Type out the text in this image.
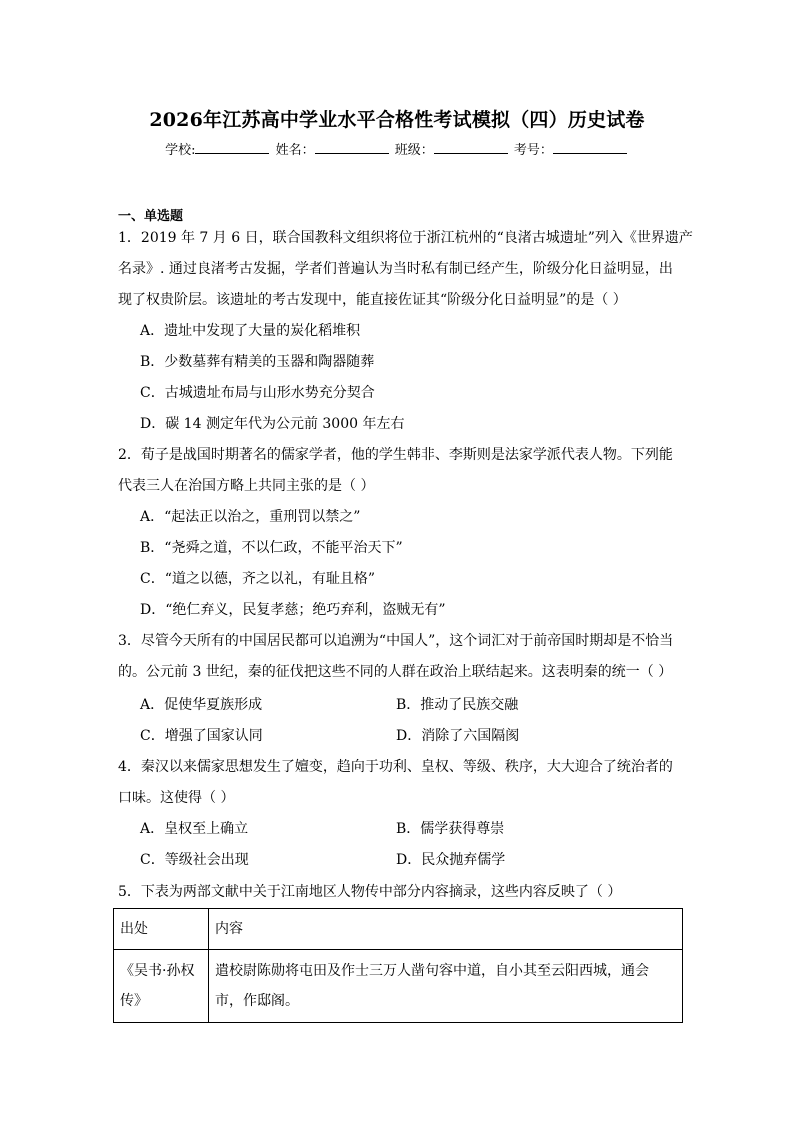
2026年江苏高中学业水平合格性考试模拟（四）历史试卷
学校:	姓名：	班级：	考号：
一、单选题
1．2019 年 7 月 6 日，联合国教科文组织将位于浙江杭州的“良渚古城遗址”列入《世界遗产
名录》. 通过良渚考古发掘，学者们普遍认为当时私有制已经产生，阶级分化日益明显，出
现了权贵阶层。该遗址的考古发现中，能直接佐证其“阶级分化日益明显”的是（ ）
A．遗址中发现了大量的炭化稻堆积
B．少数墓葬有精美的玉器和陶器随葬
C．古城遗址布局与山形水势充分契合
D．碳 14 测定年代为公元前 3000 年左右
2．荀子是战国时期著名的儒家学者，他的学生韩非、李斯则是法家学派代表人物。下列能
代表三人在治国方略上共同主张的是（ ）
A．“起法正以治之，重刑罚以禁之”
B．“尧舜之道，不以仁政，不能平治天下”
C．“道之以德，齐之以礼，有耻且格”
D．“绝仁弃义，民复孝慈；绝巧弃利，盗贼无有”
3．尽管今天所有的中国居民都可以追溯为“中国人”，这个词汇对于前帝国时期却是不恰当
的。公元前 3 世纪，秦的征伐把这些不同的人群在政治上联结起来。这表明秦的统一（ ）
A．促使华夏族形成	B．推动了民族交融
C．增强了国家认同	D．消除了六国隔阂
4．秦汉以来儒家思想发生了嬗变，趋向于功利、皇权、等级、秩序，大大迎合了统治者的
口味。这使得（ ）
A．皇权至上确立	B．儒学获得尊崇
C．等级社会出现	D．民众抛弃儒学
5．下表为两部文献中关于江南地区人物传中部分内容摘录，这些内容反映了（ ）
出处	内容
《吴书·孙权传》	遣校尉陈勋将屯田及作士三万人凿句容中道，自小其至云阳西城，通会市，作邸阁。
